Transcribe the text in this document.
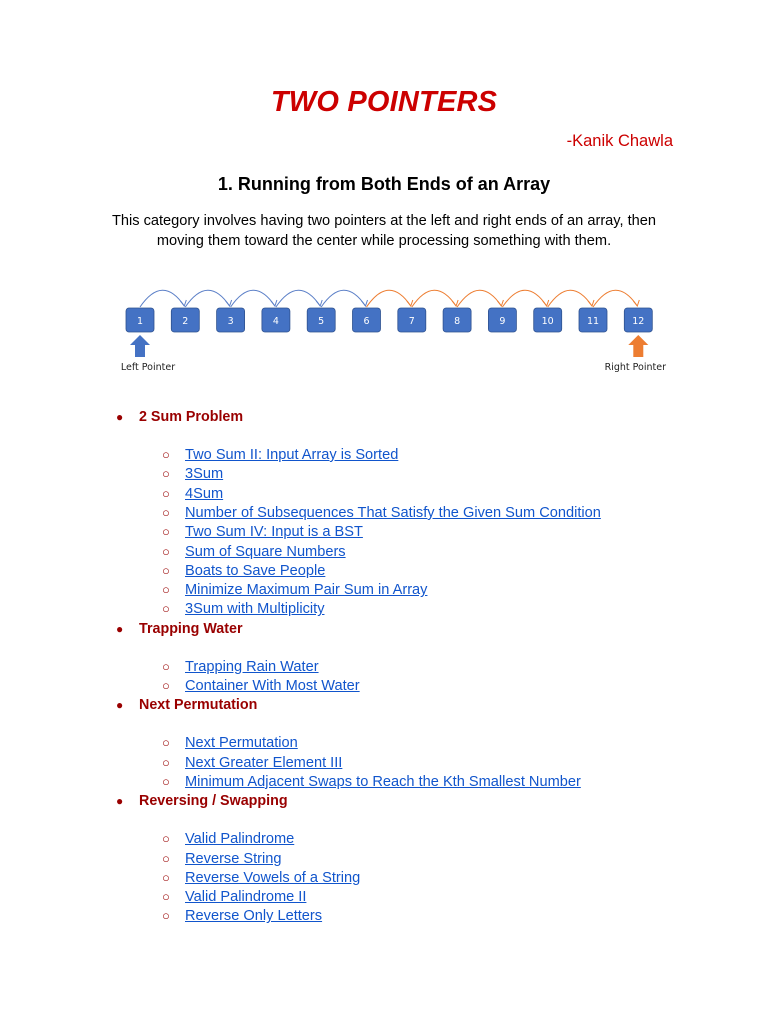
TWO POINTERS
-Kanik Chawla
1. Running from Both Ends of an Array
This category involves having two pointers at the left and right ends of an array, then moving them toward the center while processing something with them.
1	2	3	4	5	6	7	8	9	10	11	12
Left Pointer	Right Pointer
● 2 Sum Problem
○ Two Sum II: Input Array is Sorted
○ 3Sum
○ 4Sum
○ Number of Subsequences That Satisfy the Given Sum Condition
○ Two Sum IV: Input is a BST
○ Sum of Square Numbers
○ Boats to Save People
○ Minimize Maximum Pair Sum in Array
○ 3Sum with Multiplicity
● Trapping Water
○ Trapping Rain Water
○ Container With Most Water
● Next Permutation
○ Next Permutation
○ Next Greater Element III
○ Minimum Adjacent Swaps to Reach the Kth Smallest Number
● Reversing / Swapping
○ Valid Palindrome
○ Reverse String
○ Reverse Vowels of a String
○ Valid Palindrome II
○ Reverse Only Letters
